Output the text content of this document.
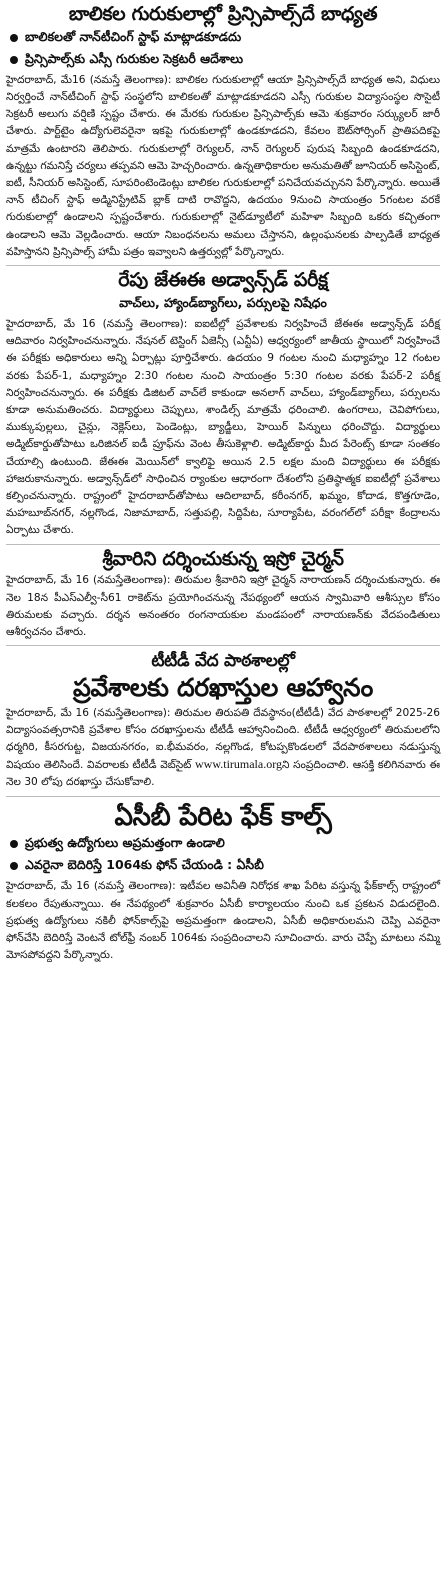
బాలికల గురుకులాల్లో ప్రిన్సిపాల్స్‌దే బాధ్యత
బాలికలతో నాన్‌టీచింగ్ స్టాఫ్ మాట్లాడకూడదు
ప్రిన్సిపాల్స్‌కు ఎస్సీ గురుకుల సెక్రటరీ ఆదేశాలు

హైదరాబాద్, మే16 (నమస్తే తెలంగాణ): బాలికల గురుకులాల్లో ఆయా ప్రిన్సిపాల్స్‌దే బాధ్యత అని, విధులు నిర్వర్తించే నాన్‌టీచింగ్ స్టాఫ్ సంస్థలోని బాలికలతో మాట్లాడకూడదని ఎస్సీ గురుకుల విద్యాసంస్థల సొసైటీ సెక్రటరీ అలుగు వర్షిణి స్పష్టం చేశారు. ఈ మేరకు గురుకుల ప్రిన్సిపాల్స్‌కు ఆమె శుక్రవారం సర్క్యులర్ జారీ చేశారు. పార్ట్‌టైం ఉద్యోగులెవరైనా ఇకపై గురుకులాల్లో ఉండకూడదని, కేవలం ఔట్‌సోర్సింగ్ ప్రాతిపదికపై మాత్రమే ఉంటారని తెలిపారు. గురుకులాల్లో రెగ్యులర్, నాన్ రెగ్యులర్ పురుష సిబ్బంది ఉండకూడదని, ఉన్నట్టు గమనిస్తే చర్యలు తప్పవని ఆమె హెచ్చరించారు. ఉన్నతాధికారుల అనుమతితో జూనియర్ అసిస్టెంట్, ఐటీ, సీనియర్ అసిస్టెంట్, సూపరింటెండెంట్లు బాలికల గురుకులాల్లో పనిచేయవచ్చునని పేర్కొన్నారు. అయితే నాన్ టీచింగ్ స్టాఫ్ అడ్మినిస్ట్రేటివ్ బ్లాక్ దాటి రావొద్దని, ఉదయం 9నుంచి సాయంత్రం 5గంటల వరకే గురుకులాల్లో ఉండాలని స్పష్టంచేశారు. గురుకులాల్లో నైట్‌డ్యూటీలో మహిళా సిబ్బంది ఒకరు కచ్చితంగా ఉండాలని ఆమె వెల్లడించారు. ఆయా నిబంధనలను అమలు చేస్తానని, ఉల్లంఘనలకు పాల్పడితే బాధ్యత వహిస్తానని ప్రిన్సిపాల్స్ హామీ పత్రం ఇవ్వాలని ఉత్తర్వుల్లో పేర్కొన్నారు.

రేపు జేఈఈ అడ్వాన్స్‌డ్ పరీక్ష
వాచ్‌లు, హ్యాండ్‌బ్యాగ్‌లు, పర్సులపై నిషేధం

హైదరాబాద్, మే 16 (నమస్తే తెలంగాణ): ఐఐటీల్లో ప్రవేశాలకు నిర్వహించే జేఈఈ అడ్వాన్స్‌డ్ పరీక్ష ఆదివారం నిర్వహించనున్నారు. నేషనల్ టెస్టింగ్ ఏజెన్సీ (ఎన్టీఏ) ఆధ్వర్యంలో జాతీయ స్థాయిలో నిర్వహించే ఈ పరీక్షకు అధికారులు అన్ని ఏర్పాట్లు పూర్తిచేశారు. ఉదయం 9 గంటల నుంచి మధ్యాహ్నం 12 గంటల వరకు పేపర్-1, మధ్యాహ్నం 2:30 గంటల నుంచి సాయంత్రం 5:30 గంటల వరకు పేపర్-2 పరీక్ష నిర్వహించనున్నారు. ఈ పరీక్షకు డిజిటల్ వాచ్‌లే కాకుండా అనలాగ్ వాచ్‌లు, హ్యాండ్‌బ్యాగ్‌లు, పర్సులను కూడా అనుమతించరు. విద్యార్థులు చెప్పులు, శాండిల్స్ మాత్రమే ధరించాలి. ఉంగరాలు, చెవిపోగులు, ముక్కుపుల్లలు, చైన్లు, నెక్లెస్‌లు, పెండెంట్లు, బ్యాడ్జీలు, హెయిర్ పిన్నులు ధరించొద్దు. విద్యార్థులు అడ్మిట్‌కార్డుతోపాటు ఒరిజినల్ ఐడీ ప్రూఫ్‌ను వెంట తీసుకెళ్లాలి. అడ్మిట్‌కార్డు మీద పేరెంట్స్ కూడా సంతకం చేయాల్సి ఉంటుంది. జేఈఈ మెయిన్‌లో క్వాలిఫై అయిన 2.5 లక్షల మంది విద్యార్థులు ఈ పరీక్షకు హాజరుకానున్నారు. అడ్వాన్స్‌డ్‌లో సాధించిన ర్యాంకుల ఆధారంగా దేశంలోని ప్రతిష్ఠాత్మక ఐఐటీల్లో ప్రవేశాలు కల్పించనున్నారు. రాష్ట్రంలో హైదరాబాద్‌తోపాటు ఆదిలాబాద్, కరీంనగర్, ఖమ్మం, కోదాడ, కొత్తగూడెం, మహబూబ్‌నగర్, నల్లగొండ, నిజామాబాద్, సత్తుపల్లి, సిద్దిపేట, సూర్యాపేట, వరంగల్‌లో పరీక్షా కేంద్రాలను ఏర్పాటు చేశారు.

శ్రీవారిని దర్శించుకున్న ఇస్రో చైర్మన్

హైదరాబాద్, మే 16 (నమస్తేతెలంగాణ): తిరుమల శ్రీవారిని ఇస్రో చైర్మన్ నారాయణన్ దర్శించుకున్నారు. ఈ నెల 18న పీఎస్‌ఎల్వీ-సీ61 రాకెట్‌ను ప్రయోగించనున్న నేపథ్యంలో ఆయన స్వామివారి ఆశీస్సుల కోసం తిరుమలకు వచ్చారు. దర్శన అనంతరం రంగనాయకుల మండపంలో నారాయణన్‌కు వేదపండితులు ఆశీర్వచనం చేశారు.

టీటీడీ వేద పాఠశాలల్లో
ప్రవేశాలకు దరఖాస్తుల ఆహ్వానం

హైదరాబాద్, మే 16 (నమస్తేతెలంగాణ): తిరుమల తిరుపతి దేవస్థానం(టీటీడీ) వేద పాఠశాలల్లో 2025-26 విద్యాసంవత్సరానికి ప్రవేశాల కోసం దరఖాస్తులను టీటీడీ ఆహ్వానించింది. టీటీడీ ఆధ్వర్యంలో తిరుమలలోని ధర్మగిరి, కీసరగుట్ట, విజయనగరం, ఐ.భీమవరం, నల్లగొండ, కోటప్పకొండలలో వేదపాఠశాలలు నడుస్తున్న విషయం తెలిసిందే. వివరాలకు టీటీడీ వెబ్‌సైట్ www.tirumala.orgని సంప్రదించాలి. ఆసక్తి కలిగినవారు ఈ నెల 30 లోపు దరఖాస్తు చేసుకోవాలి.

ఏసీబీ పేరిట ఫేక్ కాల్స్
ప్రభుత్వ ఉద్యోగులు అప్రమత్తంగా ఉండాలి
ఎవరైనా బెదిరిస్తే 1064కు ఫోన్ చేయండి : ఏసీబీ

హైదరాబాద్, మే 16 (నమస్తే తెలంగాణ): ఇటీవల అవినీతి నిరోధక శాఖ పేరిట వస్తున్న ఫేక్‌కాల్స్ రాష్ట్రంలో కలకలం రేపుతున్నాయి. ఈ నేపథ్యంలో శుక్రవారం ఏసీబీ కార్యాలయం నుంచి ఒక ప్రకటన విడుదలైంది. ప్రభుత్వ ఉద్యోగులు నకిలీ ఫోన్‌కాల్స్‌పై అప్రమత్తంగా ఉండాలని, ఏసీబీ అధికారులమని చెప్పి ఎవరైనా ఫోన్‌చేసి బెదిరిస్తే వెంటనే టోల్‌ఫ్రీ నంబర్ 1064కు సంప్రదించాలని సూచించారు. వారు చెప్పే మాటలు నమ్మి మోసపోవద్దని పేర్కొన్నారు.
